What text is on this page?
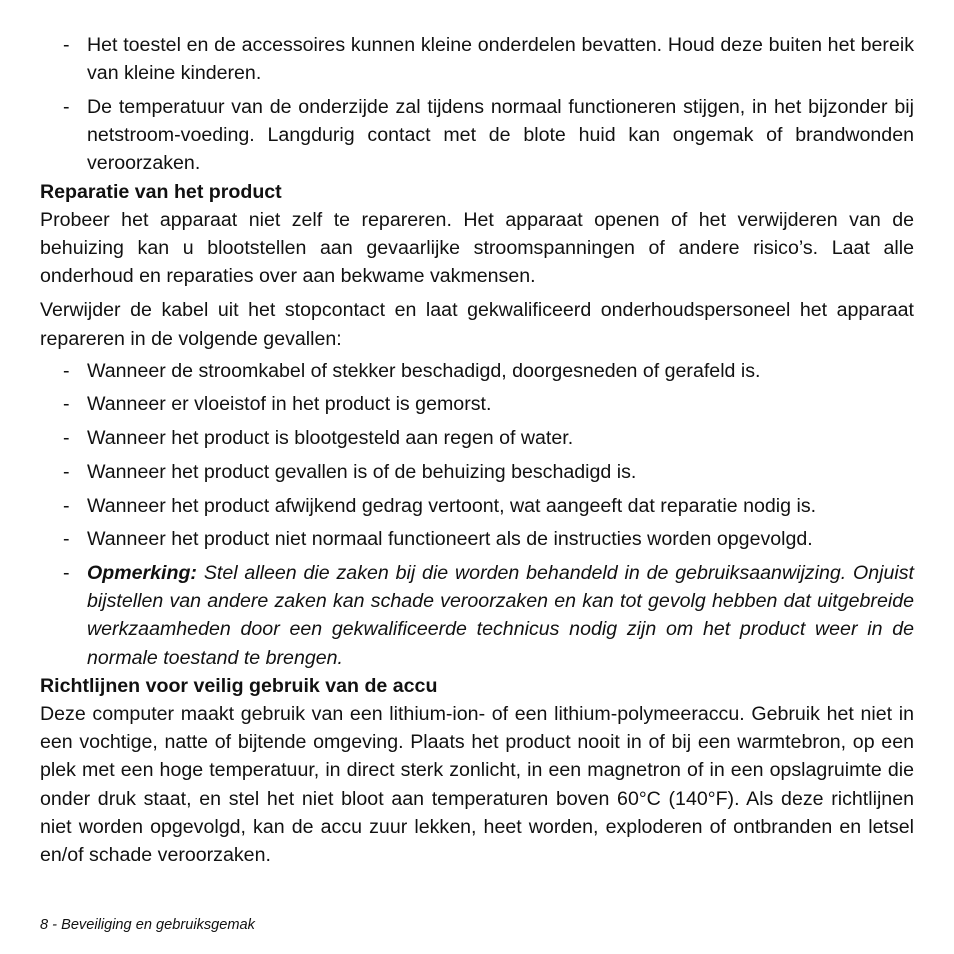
- Het toestel en de accessoires kunnen kleine onderdelen bevatten. Houd deze buiten het bereik van kleine kinderen.
- De temperatuur van de onderzijde zal tijdens normaal functioneren stijgen, in het bijzonder bij netstroom-voeding. Langdurig contact met de blote huid kan ongemak of brandwonden veroorzaken.

Reparatie van het product

Probeer het apparaat niet zelf te repareren. Het apparaat openen of het verwijderen van de behuizing kan u blootstellen aan gevaarlijke stroomspanningen of andere risico’s. Laat alle onderhoud en reparaties over aan bekwame vakmensen.

Verwijder de kabel uit het stopcontact en laat gekwalificeerd onderhoudspersoneel het apparaat repareren in de volgende gevallen:

- Wanneer de stroomkabel of stekker beschadigd, doorgesneden of gerafeld is.
- Wanneer er vloeistof in het product is gemorst.
- Wanneer het product is blootgesteld aan regen of water.
- Wanneer het product gevallen is of de behuizing beschadigd is.
- Wanneer het product afwijkend gedrag vertoont, wat aangeeft dat reparatie nodig is.
- Wanneer het product niet normaal functioneert als de instructies worden opgevolgd.
- Opmerking: Stel alleen die zaken bij die worden behandeld in de gebruiksaanwijzing. Onjuist bijstellen van andere zaken kan schade veroorzaken en kan tot gevolg hebben dat uitgebreide werkzaamheden door een gekwalificeerde technicus nodig zijn om het product weer in de normale toestand te brengen.

Richtlijnen voor veilig gebruik van de accu

Deze computer maakt gebruik van een lithium-ion- of een lithium-polymeeraccu. Gebruik het niet in een vochtige, natte of bijtende omgeving. Plaats het product nooit in of bij een warmtebron, op een plek met een hoge temperatuur, in direct sterk zonlicht, in een magnetron of in een opslagruimte die onder druk staat, en stel het niet bloot aan temperaturen boven 60°C (140°F). Als deze richtlijnen niet worden opgevolgd, kan de accu zuur lekken, heet worden, exploderen of ontbranden en letsel en/of schade veroorzaken.

8 - Beveiliging en gebruiksgemak
